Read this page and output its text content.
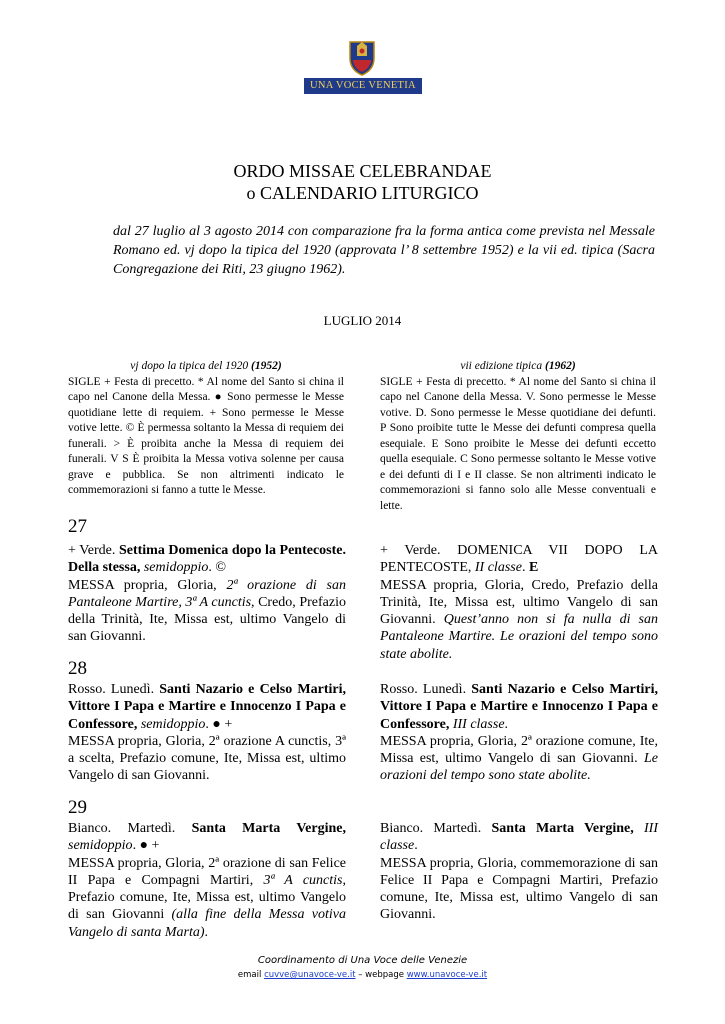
UNA VOCE VENETIA
ORDO MISSAE CELEBRANDAE
o CALENDARIO LITURGICO
dal 27 luglio al 3 agosto 2014 con comparazione fra la forma antica come prevista nel Messale Romano ed. vj dopo la tipica del 1920 (approvata l’ 8 settembre 1952) e la vii ed. tipica (Sacra Congregazione dei Riti, 23 giugno 1962).
LUGLIO 2014
vj dopo la tipica del 1920 (1952)
SIGLE + Festa di precetto. * Al nome del Santo si china il capo nel Canone della Messa. ● Sono permesse le Messe quotidiane lette di requiem. + Sono permesse le Messe votive lette. © È permessa soltanto la Messa di requiem dei funerali. > È proibita anche la Messa di requiem dei funerali. V S È proibita la Messa votiva solenne per causa grave e pubblica. Se non altrimenti indicato le commemorazioni si fanno a tutte le Messe.
vii edizione tipica (1962)
SIGLE + Festa di precetto. * Al nome del Santo si china il capo nel Canone della Messa. V. Sono permesse le Messe votive. D. Sono permesse le Messe quotidiane dei defunti. P Sono proibite tutte le Messe dei defunti compresa quella esequiale. E Sono proibite le Messe dei defunti eccetto quella esequiale. C Sono permesse soltanto le Messe votive e dei defunti di I e II classe. Se non altrimenti indicato le commemorazioni si fanno solo alle Messe conventuali e lette.
27

+ Verde. Settima Domenica dopo la Pentecoste. Della stessa, semidoppio. ©

MESSA propria, Gloria, 2ª orazione di san Pantaleone Martire, 3ª A cunctis, Credo, Prefazio della Trinità, Ite, Missa est, ultimo Vangelo di san Giovanni.

+ Verde. DOMENICA VII DOPO LA PENTECOSTE, II classe. E

MESSA propria, Gloria, Credo, Prefazio della Trinità, Ite, Missa est, ultimo Vangelo di san Giovanni. Quest’anno non si fa nulla di san Pantaleone Martire. Le orazioni del tempo sono state abolite.

28

Rosso. Lunedì. Santi Nazario e Celso Martiri, Vittore I Papa e Martire e Innocenzo I Papa e Confessore, semidoppio. ● +

MESSA propria, Gloria, 2ª orazione A cunctis, 3ª a scelta, Prefazio comune, Ite, Missa est, ultimo Vangelo di san Giovanni.

Rosso. Lunedì. Santi Nazario e Celso Martiri, Vittore I Papa e Martire e Innocenzo I Papa e Confessore, III classe.

MESSA propria, Gloria, 2ª orazione comune, Ite, Missa est, ultimo Vangelo di san Giovanni. Le orazioni del tempo sono state abolite.

29

Bianco. Martedì. Santa Marta Vergine, semidoppio. ● +

MESSA propria, Gloria, 2ª orazione di san Felice II Papa e Compagni Martiri, 3ª A cunctis, Prefazio comune, Ite, Missa est, ultimo Vangelo di san Giovanni (alla fine della Messa votiva Vangelo di santa Marta).

Bianco. Martedì. Santa Marta Vergine, III classe.

MESSA propria, Gloria, commemorazione di san Felice II Papa e Compagni Martiri, Prefazio comune, Ite, Missa est, ultimo Vangelo di san Giovanni.

Coordinamento di Una Voce delle Venezie
email cuvve@unavoce-ve.it – webpage www.unavoce-ve.it
